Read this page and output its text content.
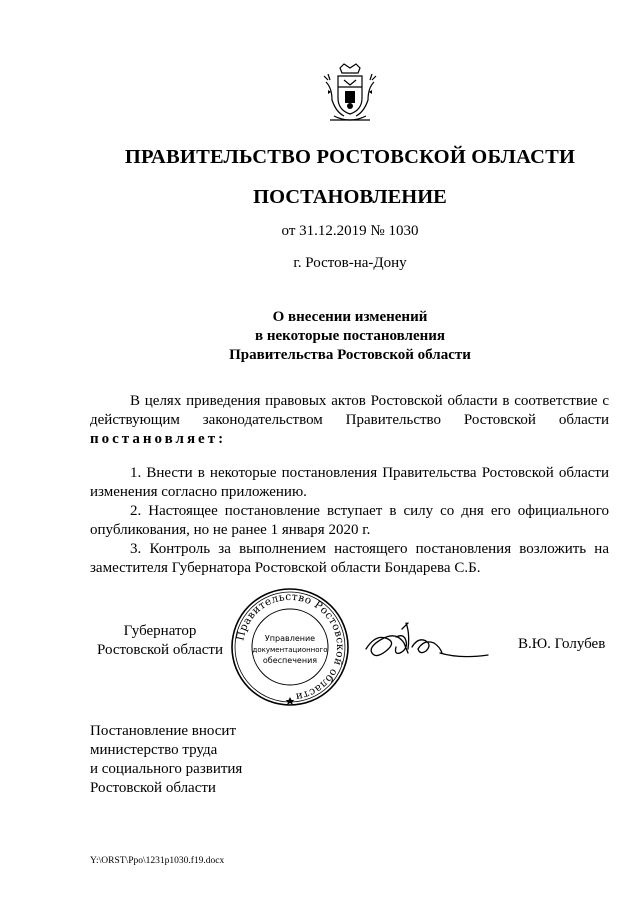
ПРАВИТЕЛЬСТВО РОСТОВСКОЙ ОБЛАСТИ
ПОСТАНОВЛЕНИЕ
от 31.12.2019 № 1030
г. Ростов-на-Дону
О внесении изменений
в некоторые постановления
Правительства Ростовской области

В целях приведения правовых актов Ростовской области в соответствие с действующим законодательством Правительство Ростовской области постановляет:

1. Внести в некоторые постановления Правительства Ростовской области изменения согласно приложению.

2. Настоящее постановление вступает в силу со дня его официального опубликования, но не ранее 1 января 2020 г.

3. Контроль за выполнением настоящего постановления возложить на заместителя Губернатора Ростовской области Бондарева С.Б.

Губернатор
Ростовской области
Правительство Ростовской области
Управление
документационного
обеспечения
В.Ю. Голубев
Постановление вносит
министерство труда
и социального развития
Ростовской области
Y:\ORST\Ppo\1231p1030.f19.docx
